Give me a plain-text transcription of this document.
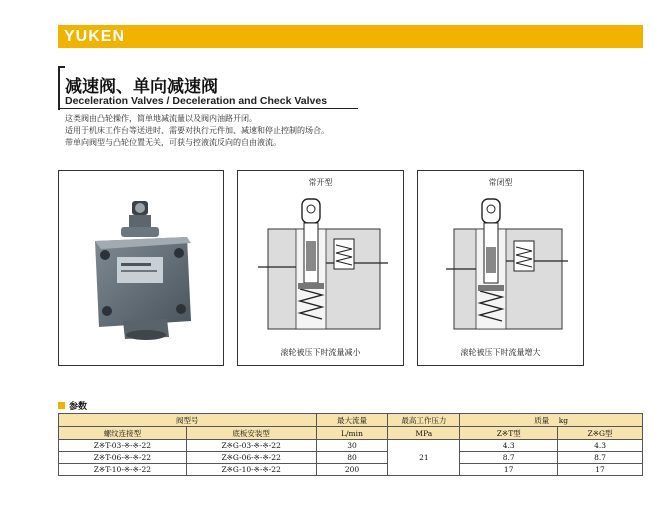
YUKEN
减速阀、单向减速阀
Deceleration Valves / Deceleration and Check Valves
这类阀由凸轮操作，简单地减流量以及阀内油路开闭。
适用于机床工作台等送进时、需要对执行元件加、减速和停止控制的场合。
带单向阀型与凸轮位置无关，可获与控液流反向的自由液流。
常开型
滚轮被压下时流量减小
常闭型
滚轮被压下时流量增大
参数
阀型号		最大流量	最高工作压力	质量 kg	
螺纹连接型	底板安装型	L/min	MPa	Z※T型	Z※G型
Z※T-03-※-※-22	Z※G-03-※-※-22	30	21	4.3	4.3
Z※T-06-※-※-22	Z※G-06-※-※-22	80		8.7	8.7
Z※T-10-※-※-22	Z※G-10-※-※-22	200		17	17
